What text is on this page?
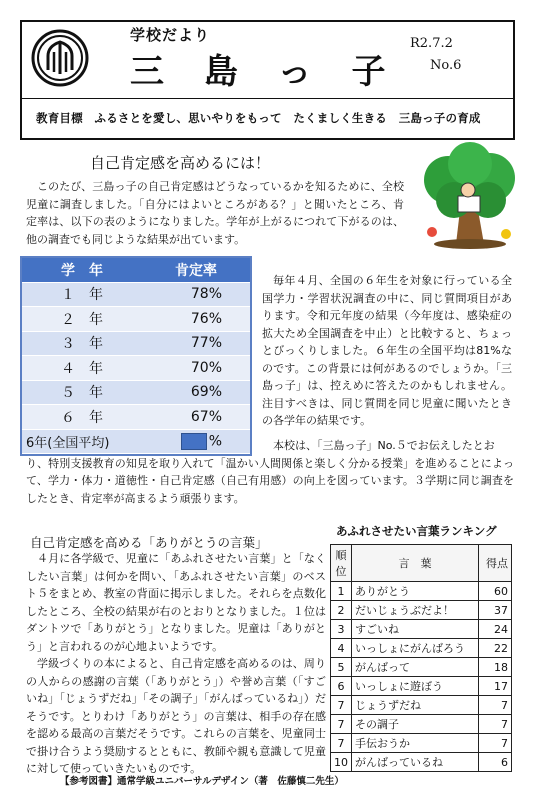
学校だより
三 島 っ 子
R2.7.2
No.6
教育目標　ふるさとを愛し、思いやりをもって　たくましく生きる　三島っ子の育成
自己肯定感を高めるには！
このたび、三島っ子の自己肯定感はどうなっているかを知るために、全校児童に調査しました。「自分にはよいところがある？」と聞いたところ、肯定率は、以下の表のようになりました。学年が上がるにつれて下がるのは、他の調査でも同じような結果が出ています。
学　年	肯定率
１　年	78%
２　年	76%
３　年	77%
４　年	70%
５　年	69%
６　年	67%
6年(全国平均)	%
毎年４月、全国の６年生を対象に行っている全国学力・学習状況調査の中に、同じ質問項目があります。令和元年度の結果（今年度は、感染症の拡大ため全国調査を中止）と比較すると、ちょっとびっくりしました。６年生の全国平均は81%なのです。この背景には何があるのでしょうか。「三島っ子」は、控えめに答えたのかもしれません。注目すべきは、同じ質問を同じ児童に聞いたときの各学年の結果です。
本校は、「三島っ子」No.５でお伝えしたとお
り、特別支援教育の知見を取り入れて「温かい人間関係と楽しく分かる授業」を進めることによって、学力・体力・道徳性・自己肯定感（自己有用感）の向上を図っています。３学期に同じ調査をしたとき、肯定率が高まるよう頑張ります。
自己肯定感を高める「ありがとうの言葉」

４月に各学級で、児童に「あふれさせたい言葉」と「なくしたい言葉」は何かを問い、「あふれさせたい言葉」のベスト５をまとめ、教室の背面に掲示しました。それらを点数化したところ、全校の結果が右のとおりとなりました。１位はダントツで「ありがとう」となりました。児童は「ありがとう」と言われるのが心地よいようです。

学級づくりの本によると、自己肯定感を高めるのは、周りの人からの感謝の言葉（「ありがとう」）や誉め言葉（「すごいね」「じょうずだね」「その調子」「がんばっているね」）だそうです。とりわけ「ありがとう」の言葉は、相手の存在感を認める最高の言葉だそうです。これらの言葉を、児童同士で掛け合うよう奨励するとともに、教師や親も意識して児童に対して使っていきたいものです。

あふれさせたい言葉ランキング
順位	言　葉	得点
1	ありがとう	60
2	だいじょうぶだよ！	37
3	すごいね	24
4	いっしょにがんばろう	22
5	がんばって	18
6	いっしょに遊ぼう	17
7	じょうずだね	7
7	その調子	7
7	手伝おうか	7
10	がんばっているね	6
【参考図書】通常学級ユニバーサルデザイン（著　佐藤慎二先生）
